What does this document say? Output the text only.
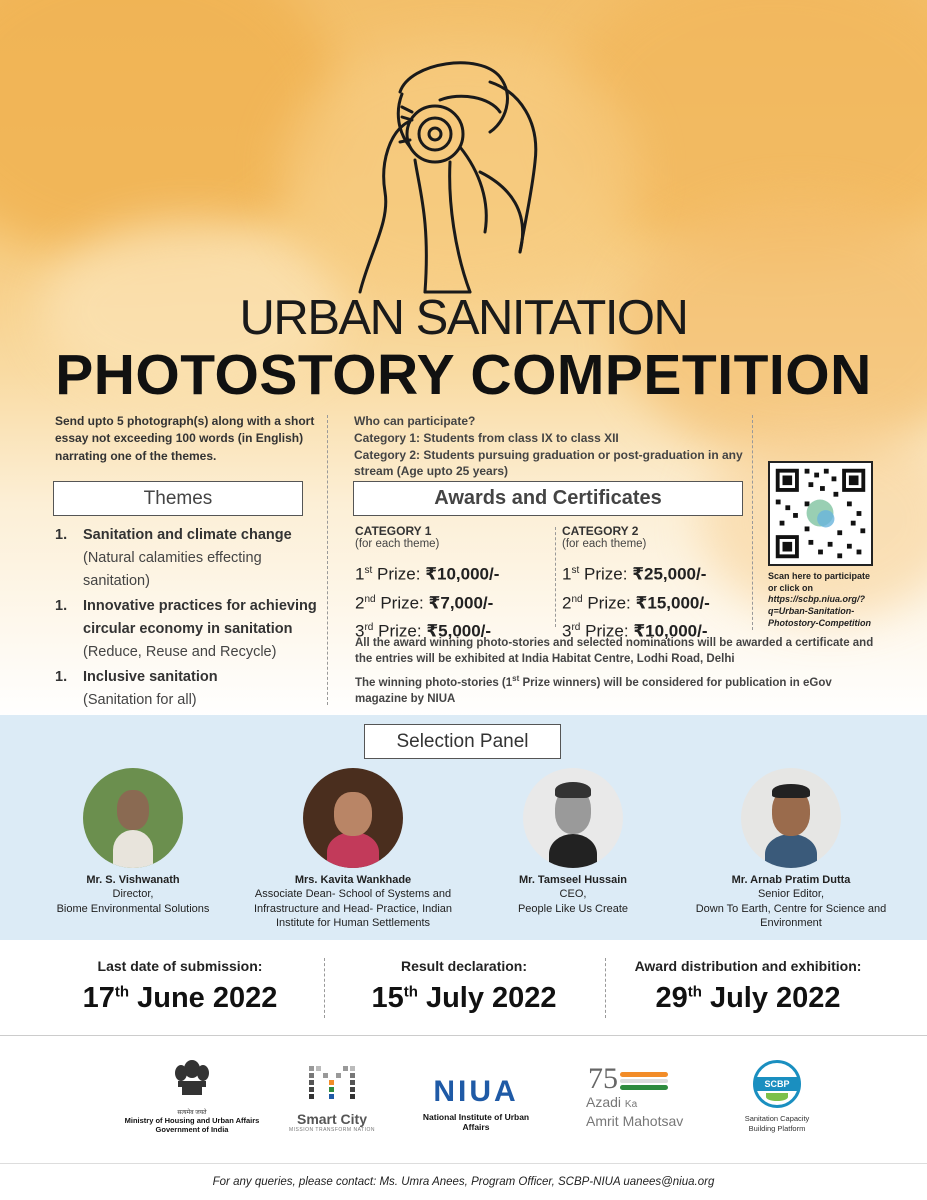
URBAN SANITATION
PHOTOSTORY COMPETITION
Send upto 5 photograph(s) along with a short essay not exceeding 100 words (in English) narrating one of the themes.
Themes
1.	Sanitation and climate change
(Natural calamities effecting sanitation)
1.	Innovative practices for achieving circular economy in sanitation
(Reduce, Reuse and Recycle)
1.	Inclusive sanitation
(Sanitation for all)
Who can participate?
Category 1: Students from class IX to class XII
Category 2: Students pursuing graduation or post-graduation in any stream (Age upto 25 years)
Awards and Certificates
CATEGORY 1
(for each theme)
1st Prize: ₹10,000/-
2nd Prize: ₹7,000/-
3rd Prize: ₹5,000/-
CATEGORY 2
(for each theme)
1st Prize: ₹25,000/-
2nd Prize: ₹15,000/-
3rd Prize: ₹10,000/-
All the award winning photo-stories and selected nominations will be awarded a certificate and the entries will be exhibited at India Habitat Centre, Lodhi Road, Delhi
The winning photo-stories (1st Prize winners) will be considered for publication in eGov magazine by NIUA
Scan here to participate or click on https://scbp.niua.org/?q=Urban-Sanitation-Photostory-Competition
Selection Panel
Mr. S. Vishwanath
Director,
Biome Environmental Solutions
Mrs. Kavita Wankhade
Associate Dean- School of Systems and Infrastructure and Head- Practice, Indian Institute for Human Settlements
Mr. Tamseel Hussain
CEO,
People Like Us Create
Mr. Arnab Pratim Dutta
Senior Editor,
Down To Earth, Centre for Science and Environment
Last date of submission:
17th June 2022
Result declaration:
15th July 2022
Award distribution and exhibition:
29th July 2022
सत्यमेव जयते
Ministry of Housing and Urban Affairs
Government of India
Smart City
MISSION TRANSFORM NATION
NIUA
National Institute of Urban Affairs
75
Azadi Ka
Amrit Mahotsav
SCBP
Sanitation Capacity
Building Platform
For any queries, please contact: Ms. Umra Anees, Program Officer, SCBP-NIUA uanees@niua.org
